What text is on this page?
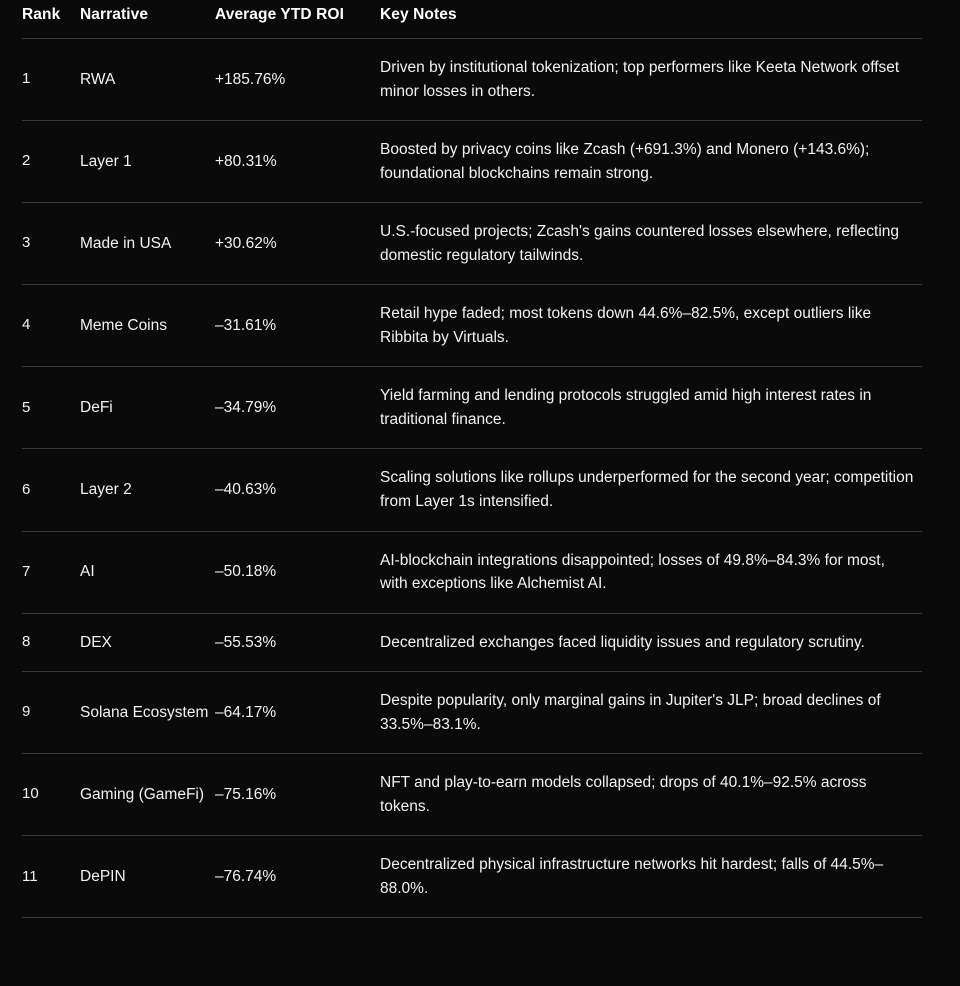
Rank	Narrative	Average YTD ROI	Key Notes
1	RWA	+185.76%	Driven by institutional tokenization; top performers like Keeta Network offset minor losses in others.
2	Layer 1	+80.31%	Boosted by privacy coins like Zcash (+691.3%) and Monero (+143.6%); foundational blockchains remain strong.
3	Made in USA	+30.62%	U.S.-focused projects; Zcash's gains countered losses elsewhere, reflecting domestic regulatory tailwinds.
4	Meme Coins	–31.61%	Retail hype faded; most tokens down 44.6%–82.5%, except outliers like Ribbita by Virtuals.
5	DeFi	–34.79%	Yield farming and lending protocols struggled amid high interest rates in traditional finance.
6	Layer 2	–40.63%	Scaling solutions like rollups underperformed for the second year; competition from Layer 1s intensified.
7	AI	–50.18%	AI-blockchain integrations disappointed; losses of 49.8%–84.3% for most, with exceptions like Alchemist AI.
8	DEX	–55.53%	Decentralized exchanges faced liquidity issues and regulatory scrutiny.
9	Solana Ecosystem	–64.17%	Despite popularity, only marginal gains in Jupiter's JLP; broad declines of 33.5%–83.1%.
10	Gaming (GameFi)	–75.16%	NFT and play-to-earn models collapsed; drops of 40.1%–92.5% across tokens.
11	DePIN	–76.74%	Decentralized physical infrastructure networks hit hardest; falls of 44.5%–88.0%.
